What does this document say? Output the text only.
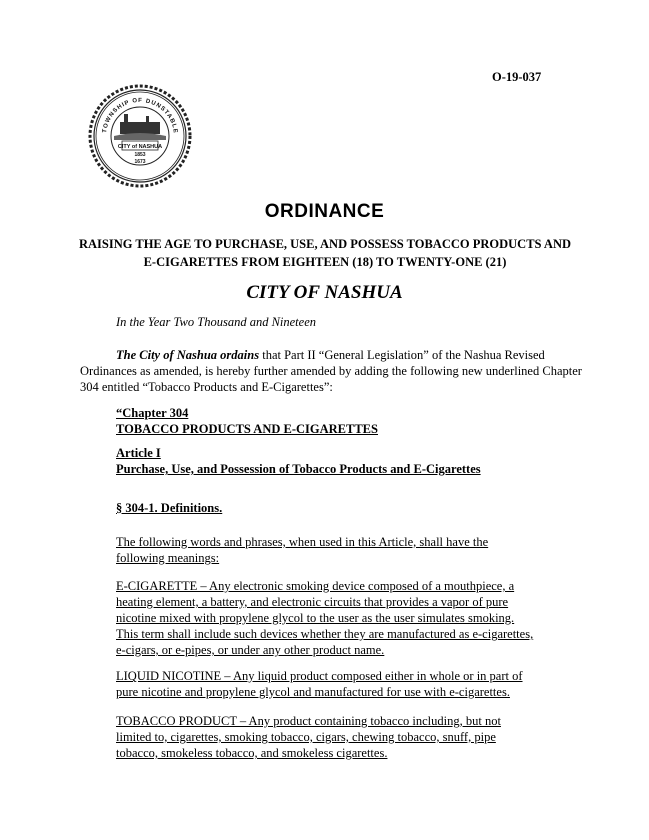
O-19-037
TOWNSHIP OF DUNSTABLE
CITY of NASHUA
1853
1673
ORDINANCE
RAISING THE AGE TO PURCHASE, USE, AND POSSESS TOBACCO PRODUCTS AND E-CIGARETTES FROM EIGHTEEN (18) TO TWENTY-ONE (21)
CITY OF NASHUA
In the Year Two Thousand and Nineteen
The City of Nashua ordains that Part II “General Legislation” of the Nashua Revised
Ordinances as amended, is hereby further amended by adding the following new underlined Chapter 304 entitled “Tobacco Products and E-Cigarettes”:
“Chapter 304
TOBACCO PRODUCTS AND E-CIGARETTES
Article I
Purchase, Use, and Possession of Tobacco Products and E-Cigarettes
§ 304-1. Definitions.
The following words and phrases, when used in this Article, shall have the following meanings:
E-CIGARETTE – Any electronic smoking device composed of a mouthpiece, a heating element, a battery, and electronic circuits that provides a vapor of pure nicotine mixed with propylene glycol to the user as the user simulates smoking. This term shall include such devices whether they are manufactured as e-cigarettes, e-cigars, or e-pipes, or under any other product name.
LIQUID NICOTINE – Any liquid product composed either in whole or in part of pure nicotine and propylene glycol and manufactured for use with e-cigarettes.
TOBACCO PRODUCT – Any product containing tobacco including, but not limited to, cigarettes, smoking tobacco, cigars, chewing tobacco, snuff, pipe tobacco, smokeless tobacco, and smokeless cigarettes.
